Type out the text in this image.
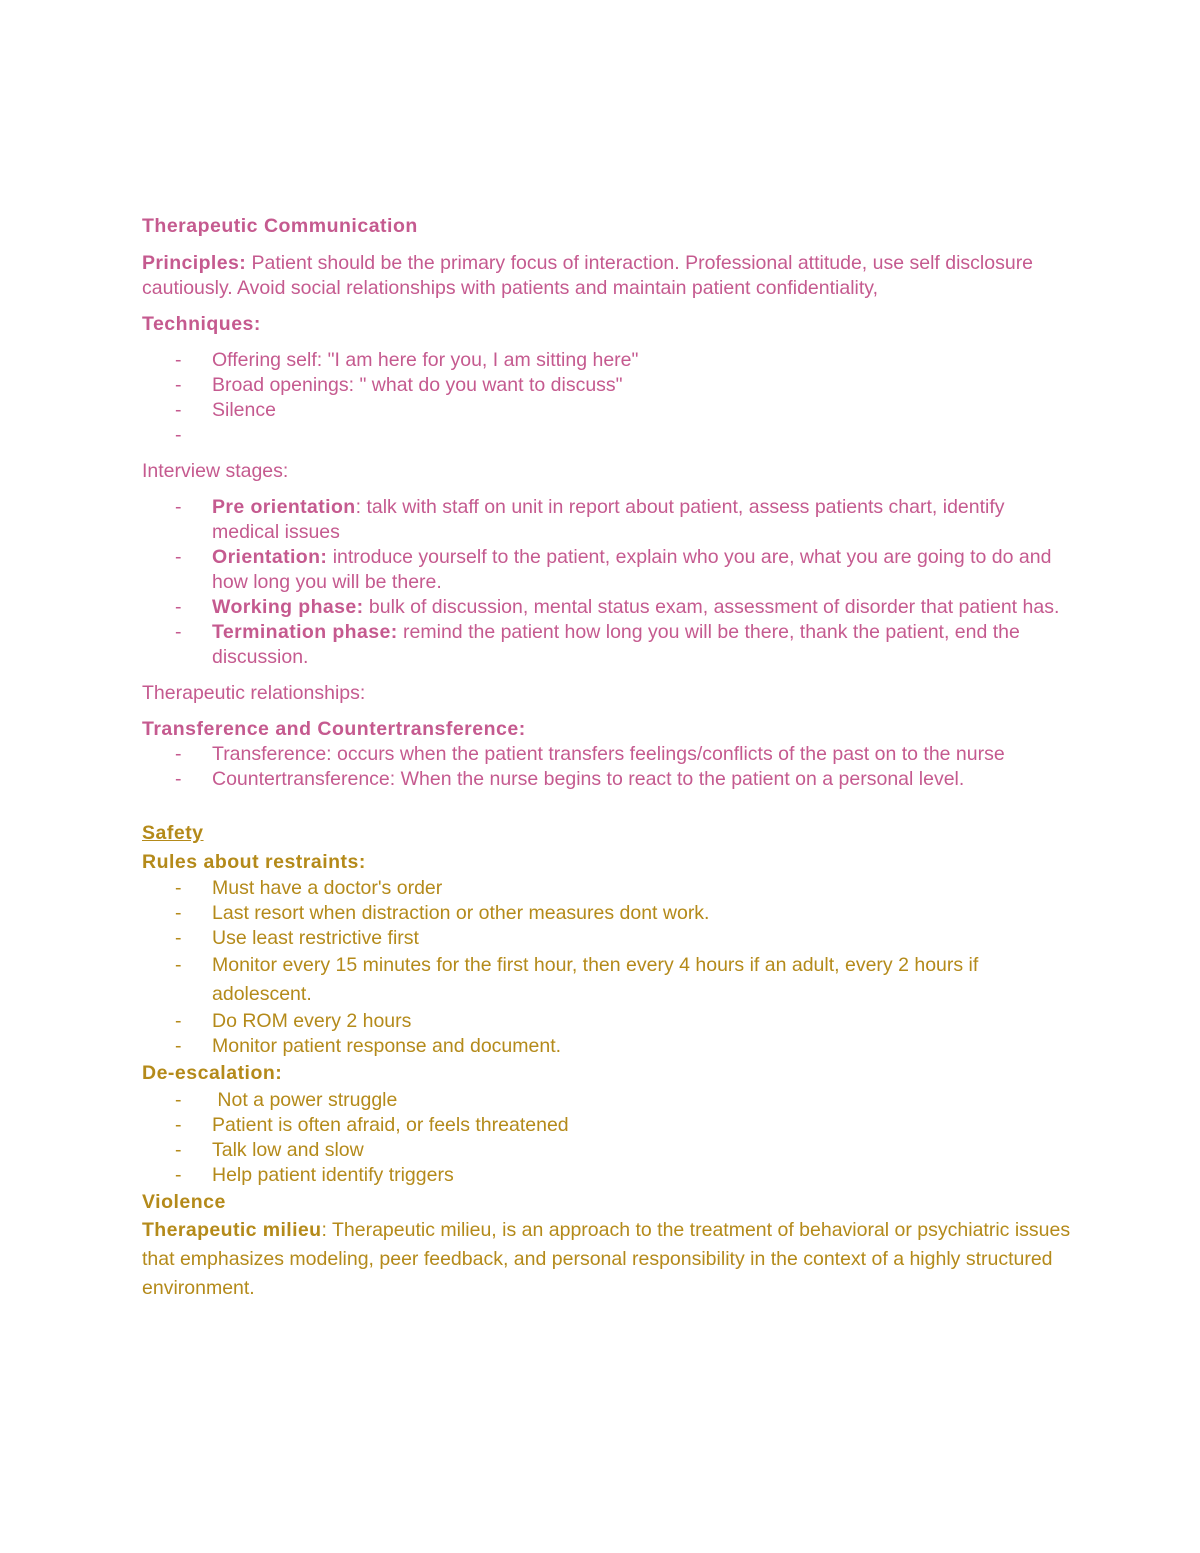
Therapeutic Communication

Principles: Patient should be the primary focus of interaction. Professional attitude, use self disclosure cautiously. Avoid social relationships with patients and maintain patient confidentiality,

Techniques:

- Offering self: "I am here for you, I am sitting here"
- Broad openings: " what do you want to discuss"
- Silence
-

Interview stages:

- Pre orientation: talk with staff on unit in report about patient, assess patients chart, identify medical issues
- Orientation: introduce yourself to the patient, explain who you are, what you are going to do and how long you will be there.
- Working phase: bulk of discussion, mental status exam, assessment of disorder that patient has.
- Termination phase: remind the patient how long you will be there, thank the patient, end the discussion.

Therapeutic relationships:

Transference and Countertransference:

- Transference: occurs when the patient transfers feelings/conflicts of the past on to the nurse
- Countertransference: When the nurse begins to react to the patient on a personal level.

Safety

Rules about restraints:

- Must have a doctor's order
- Last resort when distraction or other measures dont work.
- Use least restrictive first
- Monitor every 15 minutes for the first hour, then every 4 hours if an adult, every 2 hours if adolescent.
- Do ROM every 2 hours
- Monitor patient response and document.

De-escalation:

- Not a power struggle
- Patient is often afraid, or feels threatened
- Talk low and slow
- Help patient identify triggers

Violence

Therapeutic milieu: Therapeutic milieu, is an approach to the treatment of behavioral or psychiatric issues that emphasizes modeling, peer feedback, and personal responsibility in the context of a highly structured environment.
